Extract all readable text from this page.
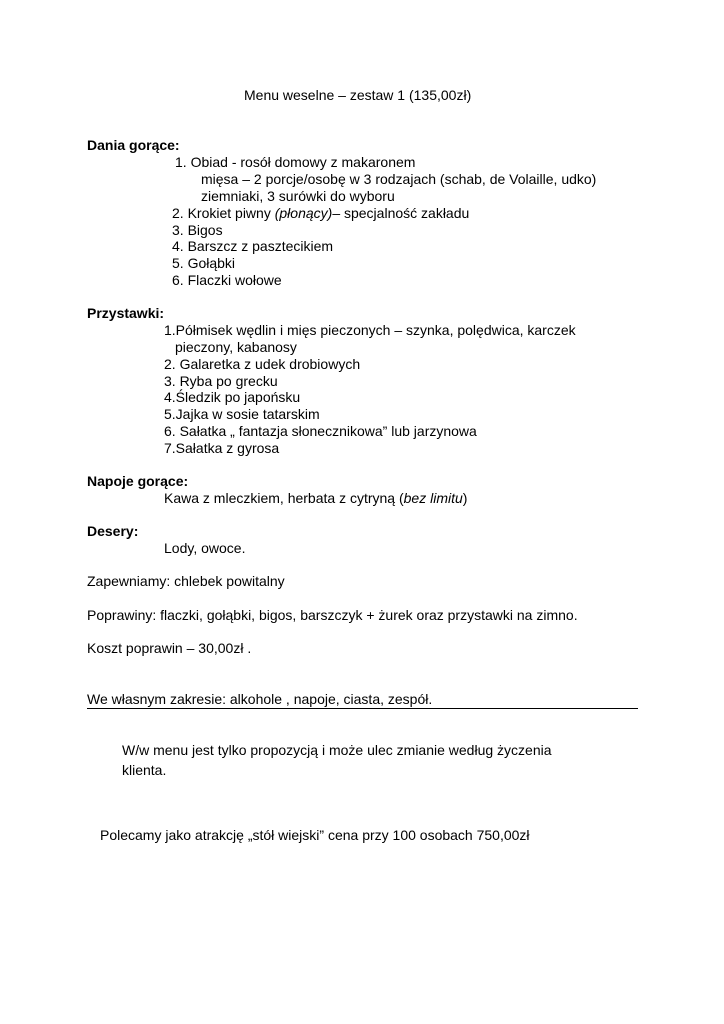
Menu weselne – zestaw 1 (135,00zł)

Dania gorące:

1. Obiad - rosół domowy z makaronem

mięsa – 2 porcje/osobę w 3 rodzajach (schab, de Volaille, udko)

ziemniaki, 3 surówki do wyboru

2. Krokiet piwny (płonący)– specjalność zakładu

3. Bigos

4. Barszcz z pasztecikiem

5. Gołąbki

6. Flaczki wołowe

Przystawki:

1.Półmisek wędlin i mięs pieczonych – szynka, polędwica, karczek

pieczony, kabanosy

2. Galaretka z udek drobiowych

3. Ryba po grecku

4.Śledzik po japońsku

5.Jajka w sosie tatarskim

6. Sałatka „ fantazja słonecznikowa” lub jarzynowa

7.Sałatka z gyrosa

Napoje gorące:

Kawa z mleczkiem, herbata z cytryną (bez limitu)

Desery:

Lody, owoce.

Zapewniamy: chlebek powitalny

Poprawiny: flaczki, gołąbki, bigos, barszczyk + żurek oraz przystawki na zimno.

Koszt poprawin – 30,00zł .

We własnym zakresie: alkohole , napoje, ciasta, zespół.

W/w menu jest tylko propozycją i może ulec zmianie według życzenia

klienta.

Polecamy jako atrakcję „stół wiejski” cena przy 100 osobach 750,00zł
